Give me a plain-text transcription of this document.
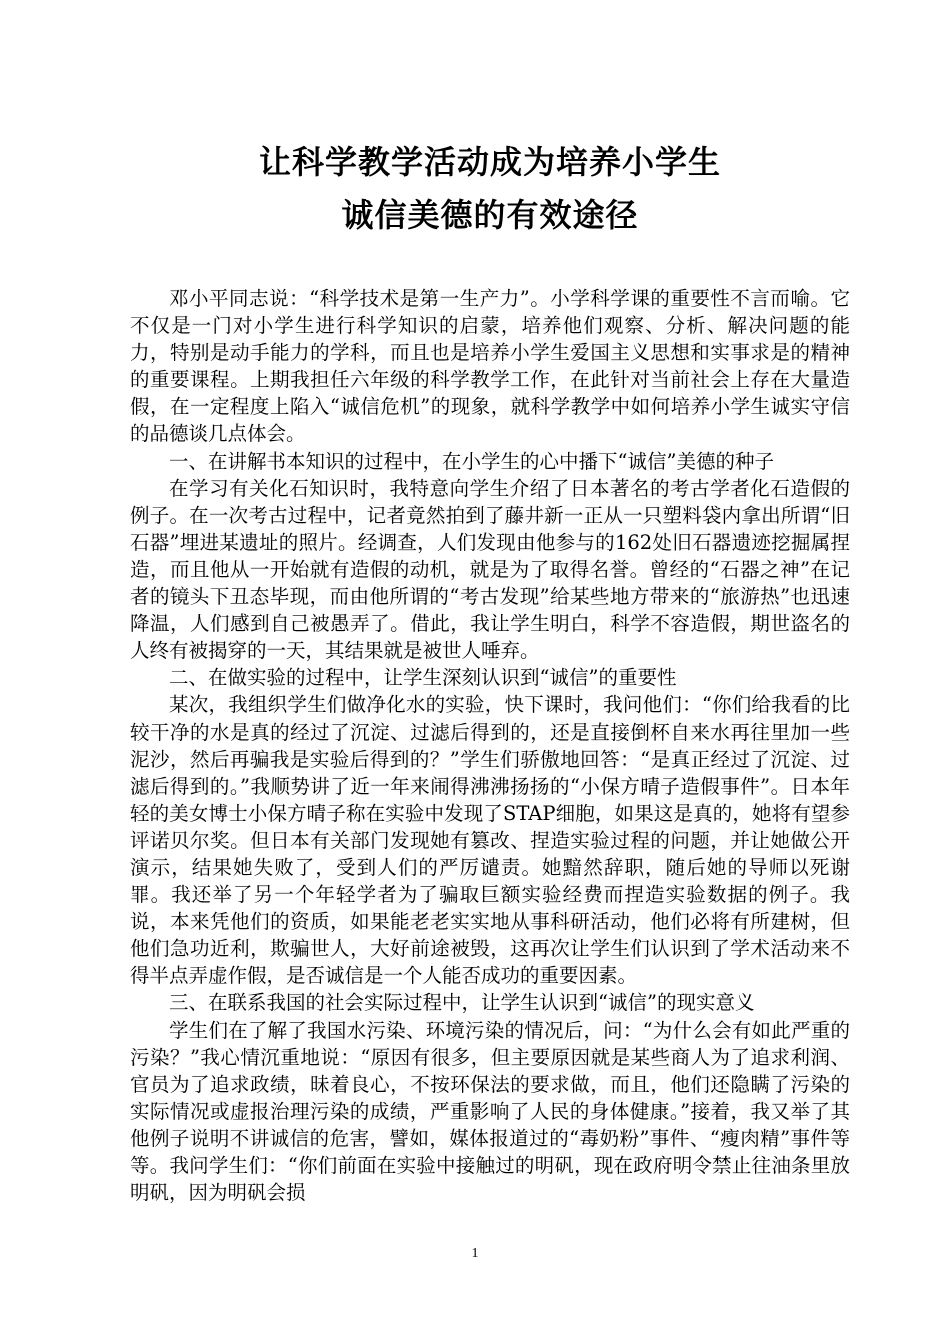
让科学教学活动成为培养小学生
诚信美德的有效途径

邓小平同志说：“科学技术是第一生产力”。小学科学课的重要性不言而喻。它不仅是一门对小学生进行科学知识的启蒙，培养他们观察、分析、解决问题的能力，特别是动手能力的学科，而且也是培养小学生爱国主义思想和实事求是的精神的重要课程。上期我担任六年级的科学教学工作，在此针对当前社会上存在大量造假，在一定程度上陷入“诚信危机”的现象，就科学教学中如何培养小学生诚实守信的品德谈几点体会。

一、在讲解书本知识的过程中，在小学生的心中播下“诚信”美德的种子

在学习有关化石知识时，我特意向学生介绍了日本著名的考古学者化石造假的例子。在一次考古过程中，记者竟然拍到了藤井新一正从一只塑料袋内拿出所谓“旧石器”埋进某遗址的照片。经调查，人们发现由他参与的162处旧石器遗迹挖掘属捏造，而且他从一开始就有造假的动机，就是为了取得名誉。曾经的“石器之神”在记者的镜头下丑态毕现，而由他所谓的“考古发现”给某些地方带来的“旅游热”也迅速降温，人们感到自己被愚弄了。借此，我让学生明白，科学不容造假，期世盗名的人终有被揭穿的一天，其结果就是被世人唾弃。

二、在做实验的过程中，让学生深刻认识到“诚信”的重要性

某次，我组织学生们做净化水的实验，快下课时，我问他们：“你们给我看的比较干净的水是真的经过了沉淀、过滤后得到的，还是直接倒杯自来水再往里加一些泥沙，然后再骗我是实验后得到的？”学生们骄傲地回答：“是真正经过了沉淀、过滤后得到的。”我顺势讲了近一年来闹得沸沸扬扬的“小保方晴子造假事件”。日本年轻的美女博士小保方晴子称在实验中发现了STAP细胞，如果这是真的，她将有望参评诺贝尔奖。但日本有关部门发现她有篡改、捏造实验过程的问题，并让她做公开演示，结果她失败了，受到人们的严厉谴责。她黯然辞职，随后她的导师以死谢罪。我还举了另一个年轻学者为了骗取巨额实验经费而捏造实验数据的例子。我说，本来凭他们的资质，如果能老老实实地从事科研活动，他们必将有所建树，但他们急功近利，欺骗世人，大好前途被毁，这再次让学生们认识到了学术活动来不得半点弄虚作假，是否诚信是一个人能否成功的重要因素。

三、在联系我国的社会实际过程中，让学生认识到“诚信”的现实意义

学生们在了解了我国水污染、环境污染的情况后，问：“为什么会有如此严重的污染？”我心情沉重地说：“原因有很多，但主要原因就是某些商人为了追求利润、官员为了追求政绩，昧着良心，不按环保法的要求做，而且，他们还隐瞒了污染的实际情况或虚报治理污染的成绩，严重影响了人民的身体健康。”接着，我又举了其他例子说明不讲诚信的危害，譬如，媒体报道过的“毒奶粉”事件、“瘦肉精”事件等等。我问学生们：“你们前面在实验中接触过的明矾，现在政府明令禁止往油条里放明矾，因为明矾会损

1
